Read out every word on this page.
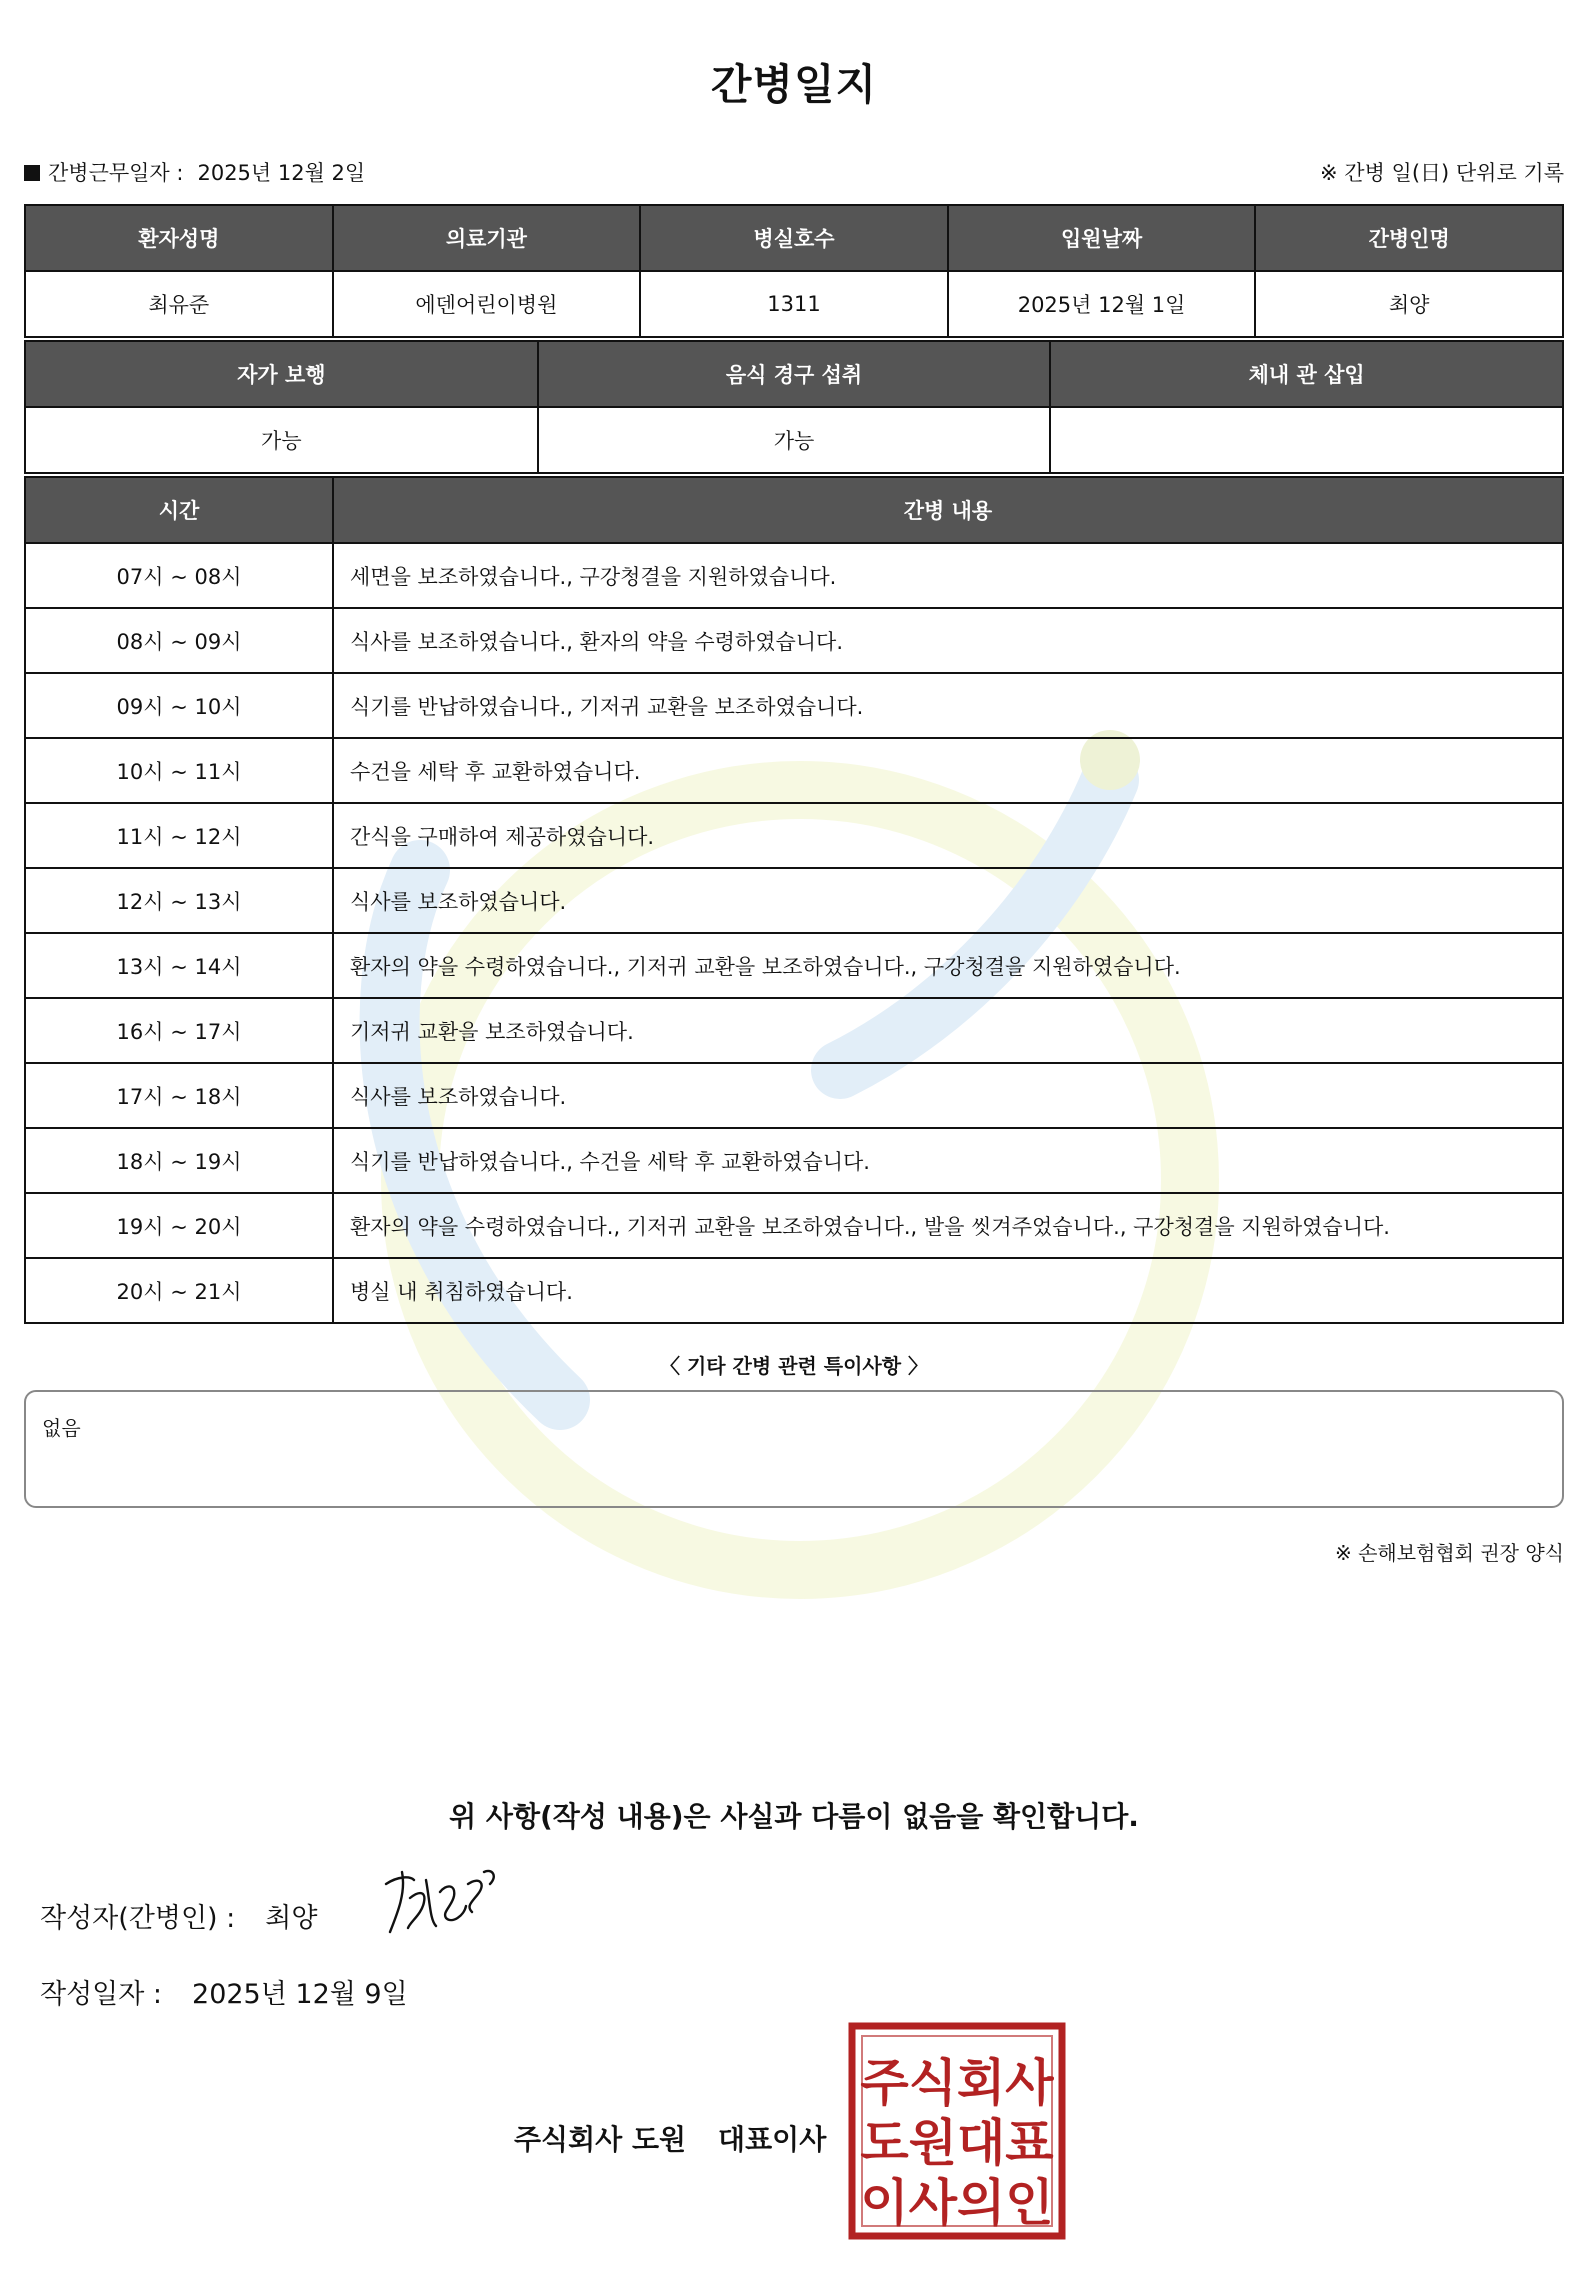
간병일지
간병근무일자 : 2025년 12월 2일	※ 간병 일(日) 단위로 기록
환자성명	의료기관	병실호수	입원날짜	간병인명
최유준	에덴어린이병원	1311	2025년 12월 1일	최양
자가 보행	음식 경구 섭취	체내 관 삽입
가능	가능	
시간	간병 내용
07시 ~ 08시	세면을 보조하였습니다., 구강청결을 지원하였습니다.
08시 ~ 09시	식사를 보조하였습니다., 환자의 약을 수령하였습니다.
09시 ~ 10시	식기를 반납하였습니다., 기저귀 교환을 보조하였습니다.
10시 ~ 11시	수건을 세탁 후 교환하였습니다.
11시 ~ 12시	간식을 구매하여 제공하였습니다.
12시 ~ 13시	식사를 보조하였습니다.
13시 ~ 14시	환자의 약을 수령하였습니다., 기저귀 교환을 보조하였습니다., 구강청결을 지원하였습니다.
16시 ~ 17시	기저귀 교환을 보조하였습니다.
17시 ~ 18시	식사를 보조하였습니다.
18시 ~ 19시	식기를 반납하였습니다., 수건을 세탁 후 교환하였습니다.
19시 ~ 20시	환자의 약을 수령하였습니다., 기저귀 교환을 보조하였습니다., 발을 씻겨주었습니다., 구강청결을 지원하였습니다.
20시 ~ 21시	병실 내 취침하였습니다.
〈 기타 간병 관련 특이사항 〉
없음
※ 손해보험협회 권장 양식
위 사항(작성 내용)은 사실과 다름이 없음을 확인합니다.
작성자(간병인) : 최양
작성일자 : 2025년 12월 9일
주식회사 도원 대표이사
주식회사
도원대표
이사의인
